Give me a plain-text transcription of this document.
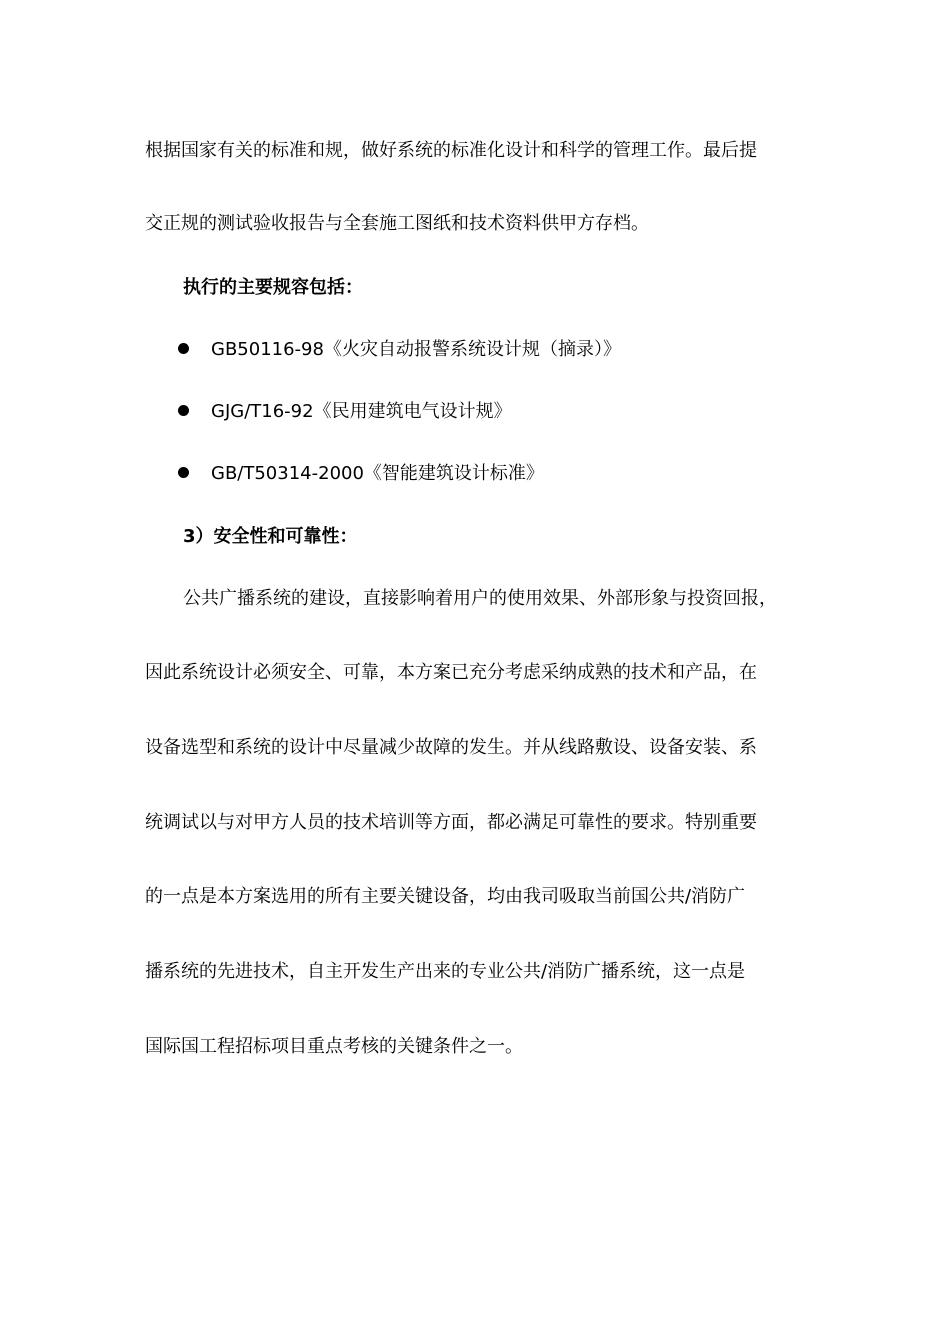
根据国家有关的标准和规，做好系统的标准化设计和科学的管理工作。最后提
交正规的测试验收报告与全套施工图纸和技术资料供甲方存档。
执行的主要规容包括：
GB50116-98《火灾自动报警系统设计规（摘录）》
GJG/T16-92《民用建筑电气设计规》
GB/T50314-2000《智能建筑设计标准》
3）安全性和可靠性：
公共广播系统的建设，直接影响着用户的使用效果、外部形象与投资回报，
因此系统设计必须安全、可靠，本方案已充分考虑采纳成熟的技术和产品，在
设备选型和系统的设计中尽量减少故障的发生。并从线路敷设、设备安装、系
统调试以与对甲方人员的技术培训等方面，都必满足可靠性的要求。特别重要
的一点是本方案选用的所有主要关键设备，均由我司吸取当前国公共/消防广
播系统的先进技术，自主开发生产出来的专业公共/消防广播系统，这一点是
国际国工程招标项目重点考核的关键条件之一。
